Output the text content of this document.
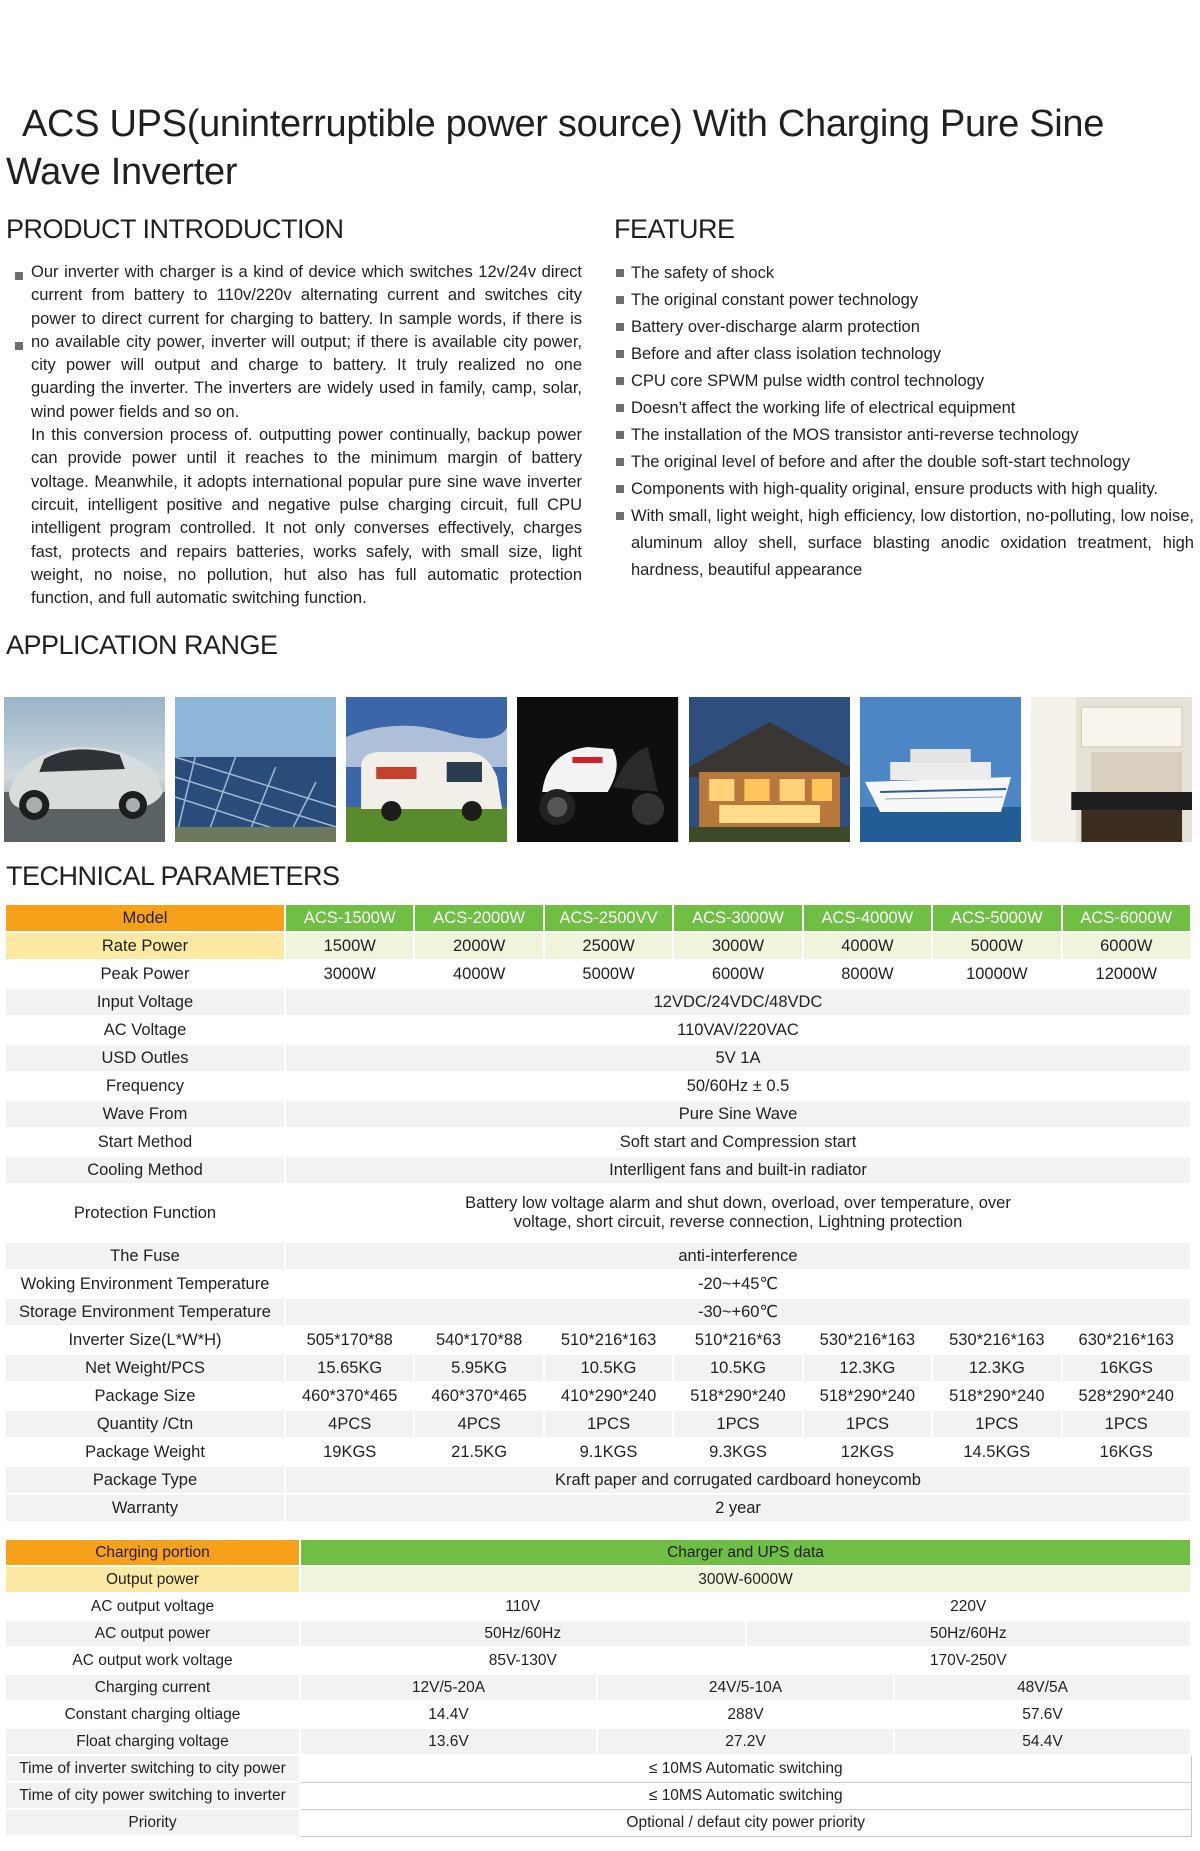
ACS UPS(uninterruptible power source) With Charging Pure Sine Wave Inverter
PRODUCT INTRODUCTION	FEATURE
Our inverter with charger is a kind of device which switches 12v/24v direct current from battery to 110v/220v alternating current and switches city power to direct current for charging to battery. In sample words, if there is no available city power, inverter will output; if there is available city power, city power will output and charge to battery. It truly realized no one guarding the inverter. The inverters are widely used in family, camp, solar, wind power fields and so on.
In this conversion process of. outputting power continually, backup power can provide power until it reaches to the minimum margin of battery voltage. Meanwhile, it adopts international popular pure sine wave inverter circuit, intelligent positive and negative pulse charging circuit, full CPU intelligent program controlled. It not only converses effectively, charges fast, protects and repairs batteries, works safely, with small size, light weight, no noise, no pollution, hut also has full automatic protection function, and full automatic switching function.
The safety of shock
The original constant power technology
Battery over-discharge alarm protection
Before and after class isolation technology
CPU core SPWM pulse width control technology
Doesn't affect the working life of electrical equipment
The installation of the MOS transistor anti-reverse technology
The original level of before and after the double soft-start technology
Components with high-quality original, ensure products with high quality.
With small, light weight, high efficiency, low distortion, no-polluting, low noise, aluminum alloy shell, surface blasting anodic oxidation treatment, high hardness, beautiful appearance
APPLICATION RANGE
TECHNICAL PARAMETERS
Model	ACS-1500W	ACS-2000W	ACS-2500VV	ACS-3000W	ACS-4000W	ACS-5000W	ACS-6000W
Rate Power	1500W	2000W	2500W	3000W	4000W	5000W	6000W
Peak Power	3000W	4000W	5000W	6000W	8000W	10000W	12000W
Input Voltage	12VDC/24VDC/48VDC						
AC Voltage	110VAV/220VAC						
USD Outles	5V 1A						
Frequency	50/60Hz ± 0.5						
Wave From	Pure Sine Wave						
Start Method	Soft start and Compression start						
Cooling Method	Interlligent fans and built-in radiator						
Protection Function	Battery low voltage alarm and shut down, overload, over temperature, over
voltage, short circuit, reverse connection, Lightning protection						
The Fuse	anti-interference						
Woking Environment Temperature	-20~+45℃						
Storage Environment Temperature	-30~+60℃						
Inverter Size(L*W*H)	505*170*88	540*170*88	510*216*163	510*216*63	530*216*163	530*216*163	630*216*163
Net Weight/PCS	15.65KG	5.95KG	10.5KG	10.5KG	12.3KG	12.3KG	16KGS
Package Size	460*370*465	460*370*465	410*290*240	518*290*240	518*290*240	518*290*240	528*290*240
Quantity /Ctn	4PCS	4PCS	1PCS	1PCS	1PCS	1PCS	1PCS
Package Weight	19KGS	21.5KG	9.1KGS	9.3KGS	12KGS	14.5KGS	16KGS
Package Type	Kraft paper and corrugated cardboard honeycomb						
Warranty	2 year						
Charging portion	Charger and UPS data			
Output power	300W-6000W			
AC output voltage	110V		220V	
AC output power	50Hz/60Hz		50Hz/60Hz	
AC output work voltage	85V-130V		170V-250V	
Charging current	12V/5-20A	24V/5-10A		48V/5A
Constant charging oltiage	14.4V	288V		57.6V
Float charging voltage	13.6V	27.2V		54.4V
Time of inverter switching to city power	≤ 10MS Automatic switching			
Time of city power switching to inverter	≤ 10MS Automatic switching			
Priority	Optional / defaut city power priority			
